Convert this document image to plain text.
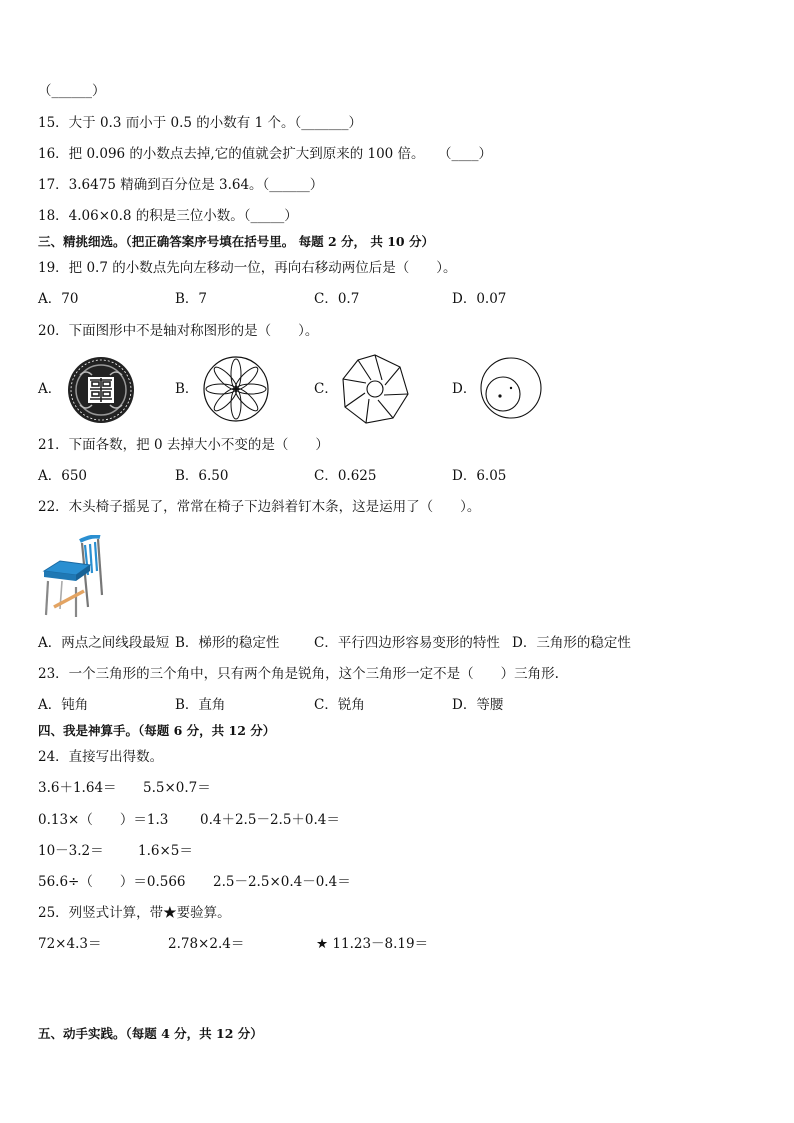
（______）
15．大于 0.3 而小于 0.5 的小数有 1 个。（_______）
16．把 0.096 的小数点去掉,它的值就会扩大到原来的 100 倍。　　（____）
17．3.6475 精确到百分位是 3.64。（______）
18．4.06×0.8 的积是三位小数。（_____）
三、精挑细选。（把正确答案序号填在括号里。 每题 2 分， 共 10 分）
19．把 0.7 的小数点先向左移动一位，再向右移动两位后是（　　）。
A．70	B．7	C．0.7	D．0.07
20．下面图形中不是轴对称图形的是（　　）。
A．	B．	C．	D．
21．下面各数，把 0 去掉大小不变的是（　　）
A．650	B．6.50	C．0.625	D．6.05
22．木头椅子摇晃了，常常在椅子下边斜着钉木条，这是运用了（　　）。
A．两点之间线段最短 B．梯形的稳定性	C．平行四边形容易变形的特性 D．三角形的稳定性
23．一个三角形的三个角中，只有两个角是锐角，这个三角形一定不是（　　）三角形.
A．钝角	B．直角	C．锐角	D．等腰
四、我是神算手。（每题 6 分，共 12 分）
24．直接写出得数。
3.6＋1.64＝ 5.5×0.7＝
0.13×（　　）＝1.3 0.4＋2.5－2.5＋0.4＝
10－3.2＝	1.6×5＝
56.6÷（　　）＝0.566 2.5－2.5×0.4－0.4＝
25．列竖式计算，带★要验算。
72×4.3＝	2.78×2.4＝	★ 11.23－8.19＝
五、动手实践。（每题 4 分，共 12 分）
